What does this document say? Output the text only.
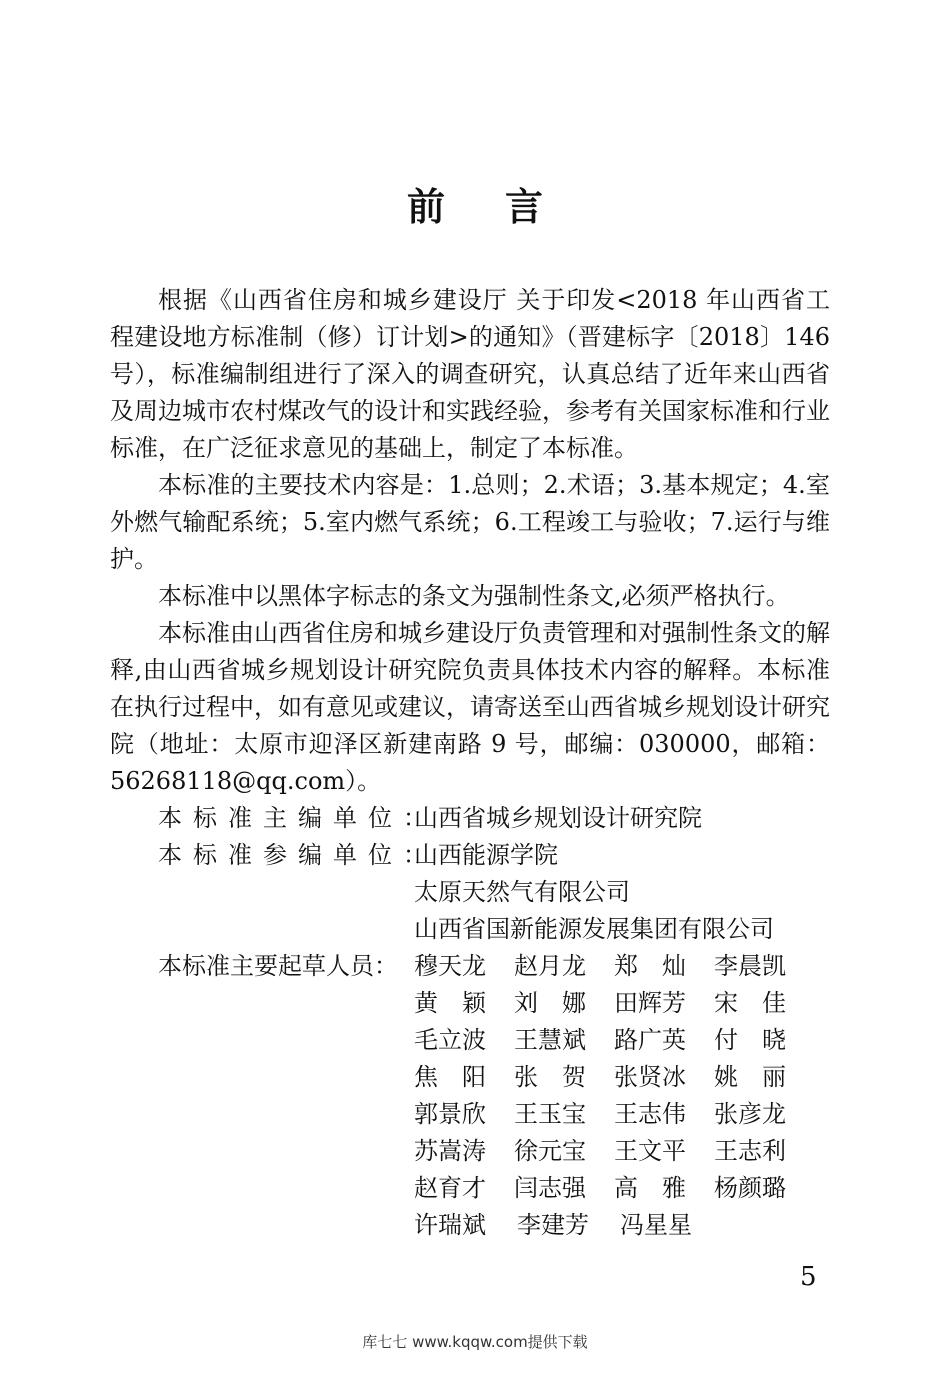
前 言

根据《山西省住房和城乡建设厅 关于印发<2018 年山西省工程建设地方标准制（修）订计划>的通知》（晋建标字〔2018〕146 号），标准编制组进行了深入的调查研究，认真总结了近年来山西省及周边城市农村煤改气的设计和实践经验，参考有关国家标准和行业标准，在广泛征求意见的基础上，制定了本标准。

本标准的主要技术内容是：1.总则；2.术语；3.基本规定；4.室外燃气输配系统；5.室内燃气系统；6.工程竣工与验收；7.运行与维护。

本标准中以黑体字标志的条文为强制性条文,必须严格执行。

本标准由山西省住房和城乡建设厅负责管理和对强制性条文的解释,由山西省城乡规划设计研究院负责具体技术内容的解释。本标准在执行过程中，如有意见或建议，请寄送至山西省城乡规划设计研究院（地址：太原市迎泽区新建南路 9 号，邮编：030000，邮箱：56268118@qq.com）。

本标准主编单位：
山西省城乡规划设计研究院
本标准参编单位：
山西能源学院
太原天然气有限公司
山西省国新能源发展集团有限公司
本标准主要起草人员： 穆天龙	赵月龙	郑　灿	李晨凯
黄　颖	刘　娜	田辉芳	宋　佳
毛立波	王慧斌	路广英	付　晓
焦　阳	张　贺	张贤冰	姚　丽
郭景欣	王玉宝	王志伟	张彦龙
苏嵩涛	徐元宝	王文平	王志利
赵育才	闫志强	高　雅	杨颜璐
许瑞斌	李建芳	冯星星
5
库七七 www.kqqw.com提供下载
